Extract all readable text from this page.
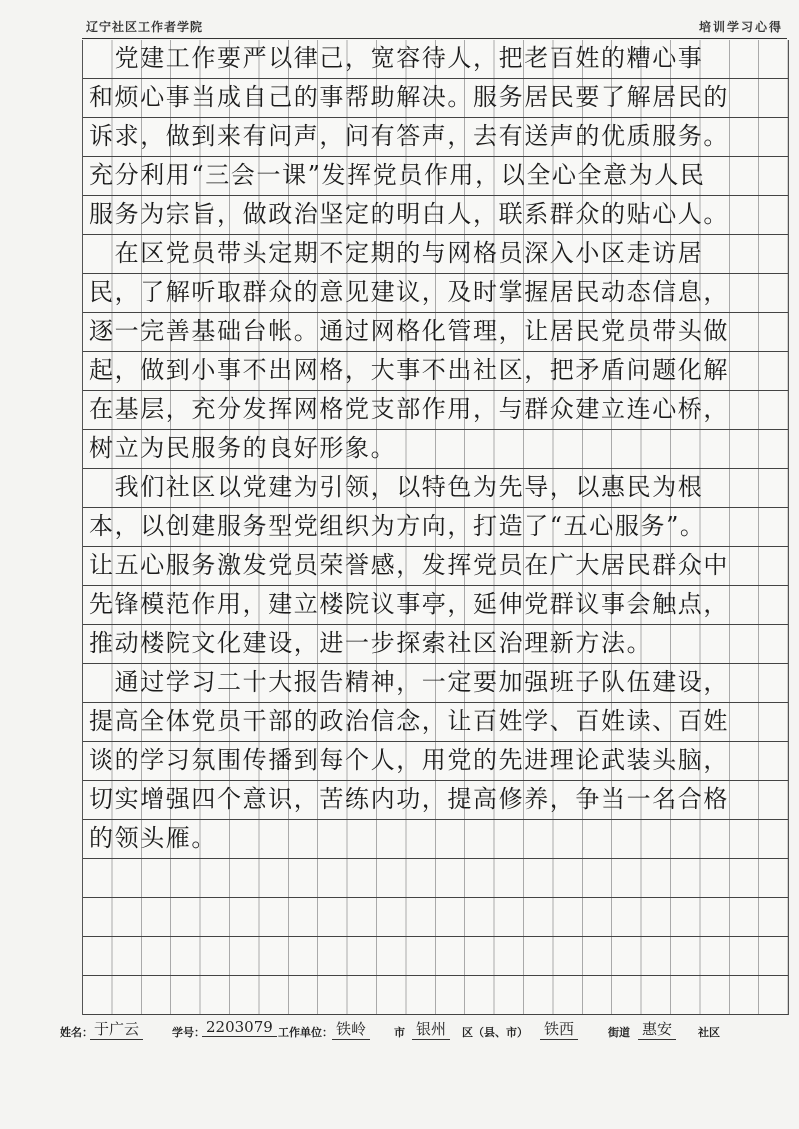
辽宁社区工作者学院	培训学习心得
　党建工作要严以律己，宽容待人，把老百姓的糟心事
和烦心事当成自己的事帮助解决。服务居民要了解居民的
诉求，做到来有问声，问有答声，去有送声的优质服务。
充分利用“三会一课”发挥党员作用，以全心全意为人民
服务为宗旨，做政治坚定的明白人，联系群众的贴心人。
　在区党员带头定期不定期的与网格员深入小区走访居
民，了解听取群众的意见建议，及时掌握居民动态信息，
逐一完善基础台帐。通过网格化管理，让居民党员带头做
起，做到小事不出网格，大事不出社区，把矛盾问题化解
在基层，充分发挥网格党支部作用，与群众建立连心桥，
树立为民服务的良好形象。
　我们社区以党建为引领，以特色为先导，以惠民为根
本，以创建服务型党组织为方向，打造了“五心服务”。
让五心服务激发党员荣誉感，发挥党员在广大居民群众中
先锋模范作用，建立楼院议事亭，延伸党群议事会触点，
推动楼院文化建设，进一步探索社区治理新方法。
　通过学习二十大报告精神，一定要加强班子队伍建设，
提高全体党员干部的政治信念，让百姓学、百姓读、百姓
谈的学习氛围传播到每个人，用党的先进理论武装头脑，
切实增强四个意识，苦练内功，提高修养，争当一名合格
的领头雁。
姓名： 于广云	学号： 2203079 工作单位： 铁岭	市 银州	区（县、市） 铁西	街道 惠安	社区
